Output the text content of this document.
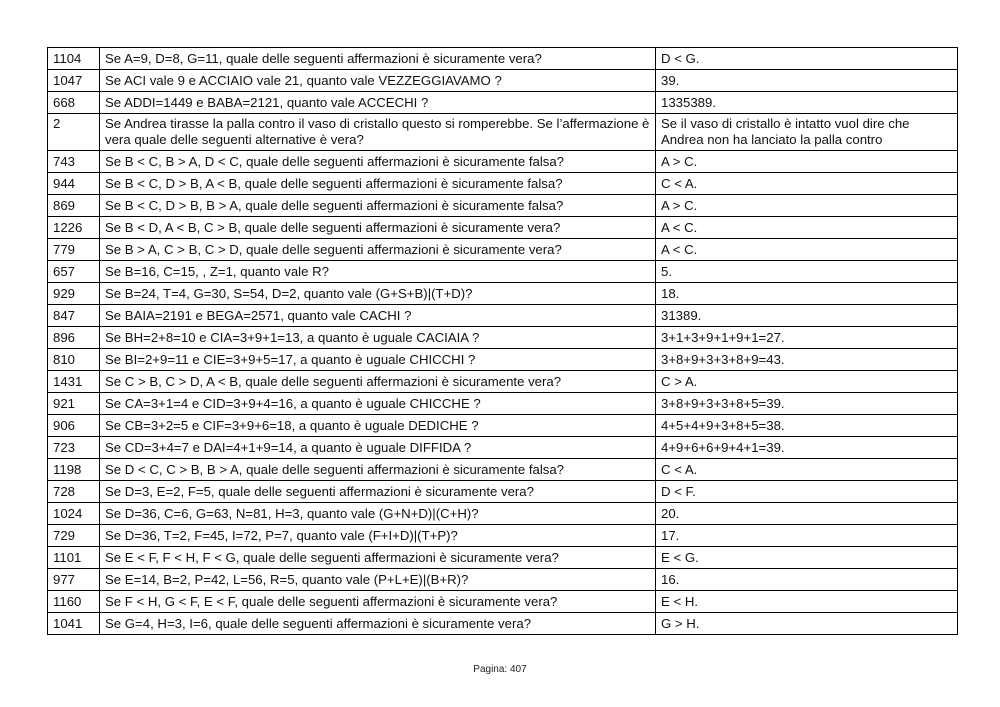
1104	Se A=9, D=8, G=11, quale delle seguenti affermazioni è sicuramente vera?	D < G.
1047	Se ACI vale 9 e ACCIAIO vale 21, quanto vale VEZZEGGIAVAMO ?	39.
668	Se ADDI=1449 e BABA=2121, quanto vale ACCECHI ?	1335389.
2	Se Andrea tirasse la palla contro il vaso di cristallo questo si romperebbe. Se l’affermazione è vera quale delle seguenti alternative è vera?	Se il vaso di cristallo è intatto vuol dire che Andrea non ha lanciato la palla contro
743	Se B < C, B > A, D < C, quale delle seguenti affermazioni è sicuramente falsa?	A > C.
944	Se B < C, D > B, A < B, quale delle seguenti affermazioni è sicuramente falsa?	C < A.
869	Se B < C, D > B, B > A, quale delle seguenti affermazioni è sicuramente falsa?	A > C.
1226	Se B < D, A < B, C > B, quale delle seguenti affermazioni è sicuramente vera?	A < C.
779	Se B > A, C > B, C > D, quale delle seguenti affermazioni è sicuramente vera?	A < C.
657	Se B=16, C=15, , Z=1, quanto vale R?	5.
929	Se B=24, T=4, G=30, S=54, D=2, quanto vale (G+S+B)|(T+D)?	18.
847	Se BAIA=2191 e BEGA=2571, quanto vale CACHI ?	31389.
896	Se BH=2+8=10 e CIA=3+9+1=13, a quanto è uguale CACIAIA ?	3+1+3+9+1+9+1=27.
810	Se BI=2+9=11 e CIE=3+9+5=17, a quanto è uguale CHICCHI ?	3+8+9+3+3+8+9=43.
1431	Se C > B, C > D, A < B, quale delle seguenti affermazioni è sicuramente vera?	C > A.
921	Se CA=3+1=4 e CID=3+9+4=16, a quanto è uguale CHICCHE ?	3+8+9+3+3+8+5=39.
906	Se CB=3+2=5 e CIF=3+9+6=18, a quanto è uguale DEDICHE ?	4+5+4+9+3+8+5=38.
723	Se CD=3+4=7 e DAI=4+1+9=14, a quanto è uguale DIFFIDA ?	4+9+6+6+9+4+1=39.
1198	Se D < C, C > B, B > A, quale delle seguenti affermazioni è sicuramente falsa?	C < A.
728	Se D=3, E=2, F=5, quale delle seguenti affermazioni è sicuramente vera?	D < F.
1024	Se D=36, C=6, G=63, N=81, H=3, quanto vale (G+N+D)|(C+H)?	20.
729	Se D=36, T=2, F=45, I=72, P=7, quanto vale (F+I+D)|(T+P)?	17.
1101	Se E < F, F < H, F < G, quale delle seguenti affermazioni è sicuramente vera?	E < G.
977	Se E=14, B=2, P=42, L=56, R=5, quanto vale (P+L+E)|(B+R)?	16.
1160	Se F < H, G < F, E < F, quale delle seguenti affermazioni è sicuramente vera?	E < H.
1041	Se G=4, H=3, I=6, quale delle seguenti affermazioni è sicuramente vera?	G > H.
Pagina: 407
